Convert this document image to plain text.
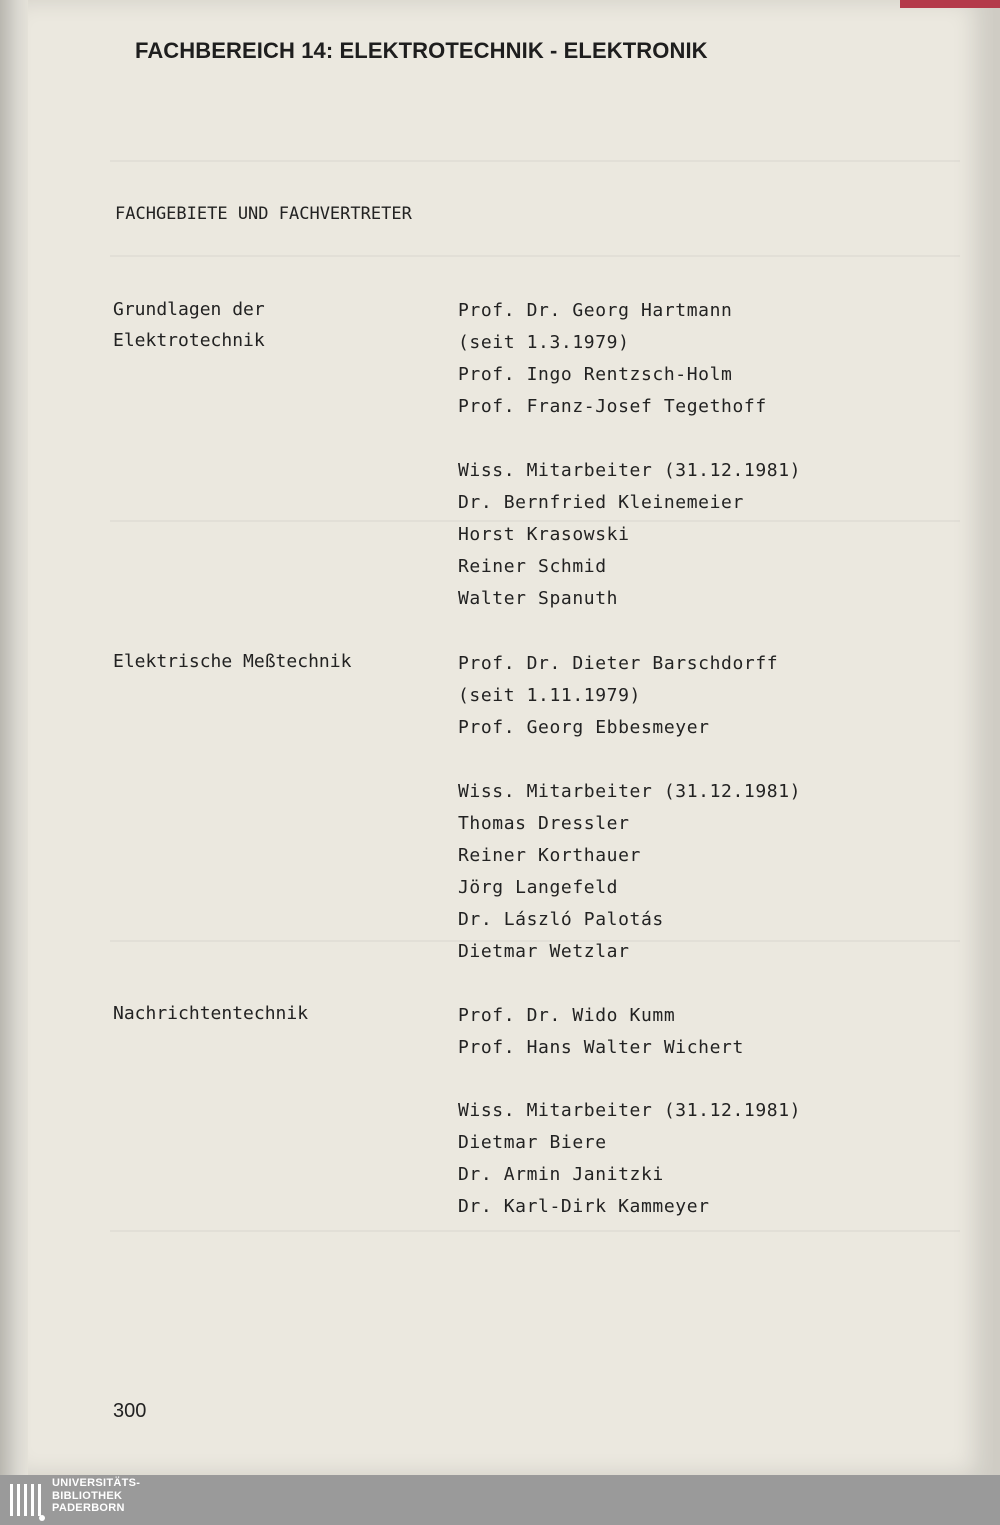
FACHBEREICH 14: ELEKTROTECHNIK - ELEKTRONIK
FACHGEBIETE UND FACHVERTRETER
Grundlagen der
Elektrotechnik
Prof. Dr. Georg Hartmann
(seit 1.3.1979)
Prof. Ingo Rentzsch-Holm
Prof. Franz-Josef Tegethoff
Wiss. Mitarbeiter (31.12.1981)
Dr. Bernfried Kleinemeier
Horst Krasowski
Reiner Schmid
Walter Spanuth
Elektrische Meßtechnik	Prof. Dr. Dieter Barschdorff
(seit 1.11.1979)
Prof. Georg Ebbesmeyer
Wiss. Mitarbeiter (31.12.1981)
Thomas Dressler
Reiner Korthauer
Jörg Langefeld
Dr. László Palotás
Dietmar Wetzlar
Nachrichtentechnik	Prof. Dr. Wido Kumm
Prof. Hans Walter Wichert
Wiss. Mitarbeiter (31.12.1981)
Dietmar Biere
Dr. Armin Janitzki
Dr. Karl-Dirk Kammeyer
300
UNIVERSITÄTS-
BIBLIOTHEK
PADERBORN
